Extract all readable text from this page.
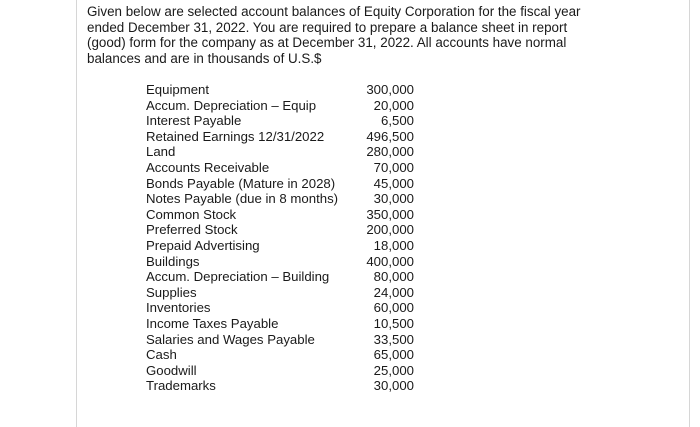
Given below are selected account balances of Equity Corporation for the fiscal year ended December 31, 2022. You are required to prepare a balance sheet in report (good) form for the company as at December 31, 2022. All accounts have normal balances and are in thousands of U.S.$

Equipment	300,000
Accum. Depreciation – Equip	20,000
Interest Payable	6,500
Retained Earnings 12/31/2022	496,500
Land	280,000
Accounts Receivable	70,000
Bonds Payable (Mature in 2028)	45,000
Notes Payable (due in 8 months)	30,000
Common Stock	350,000
Preferred Stock	200,000
Prepaid Advertising	18,000
Buildings	400,000
Accum. Depreciation – Building	80,000
Supplies	24,000
Inventories	60,000
Income Taxes Payable	10,500
Salaries and Wages Payable	33,500
Cash	65,000
Goodwill	25,000
Trademarks	30,000
